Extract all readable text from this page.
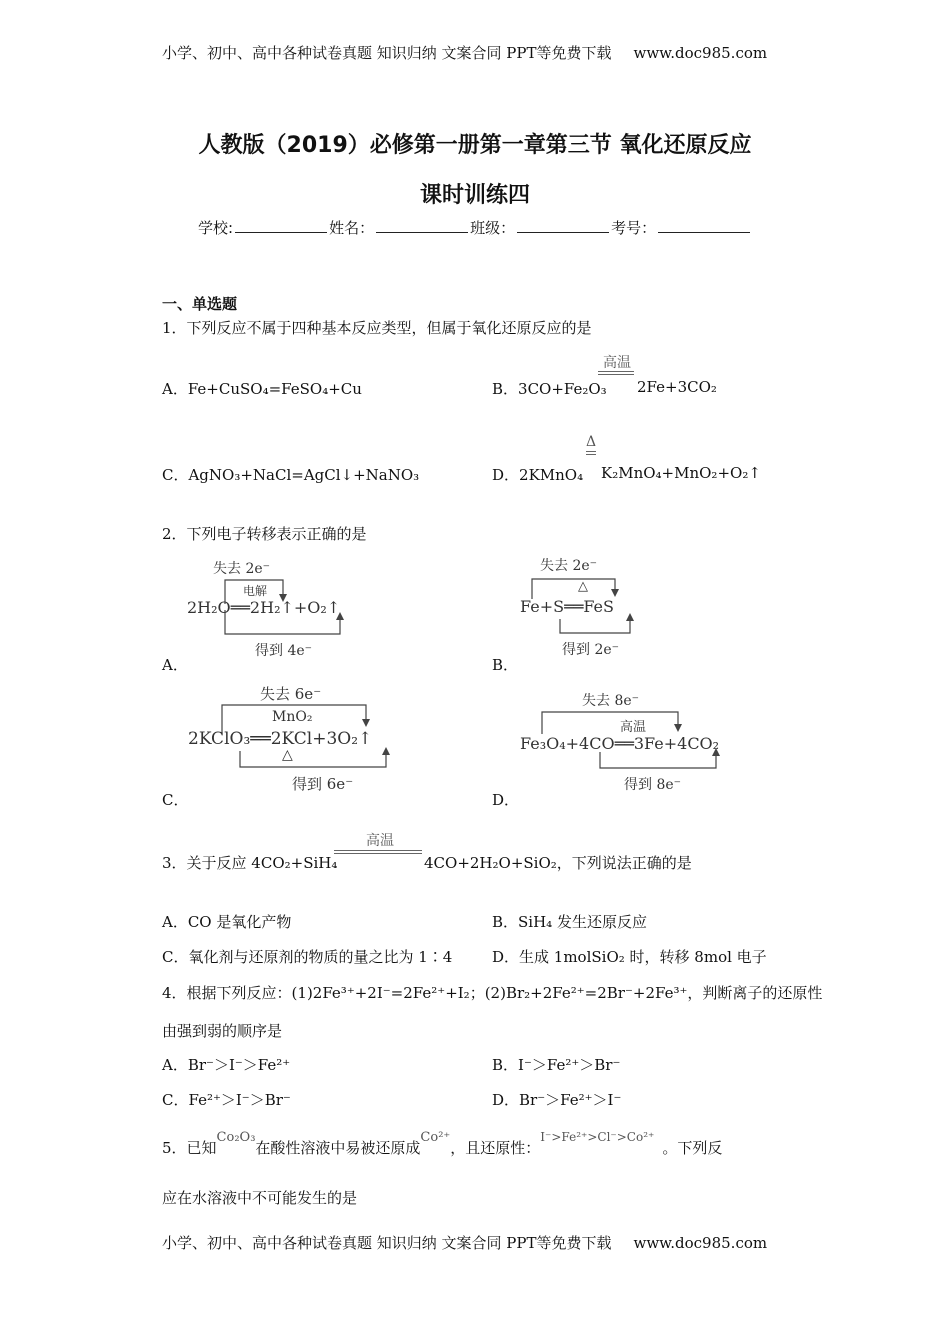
小学、初中、高中各种试卷真题 知识归纳 文案合同 PPT等免费下载 www.doc985.com
人教版（2019）必修第一册第一章第三节 氧化还原反应
课时训练四
学校:	姓名：	班级：	考号：
一、单选题
1．下列反应不属于四种基本反应类型，但属于氧化还原反应的是
A．Fe+CuSO₄=FeSO₄+Cu	B．3CO+Fe₂O₃
高温
2Fe+3CO₂
C．AgNO₃+NaCl=AgCl↓+NaNO₃	D．2KMnO₄
Δ
K₂MnO₄+MnO₂+O₂↑
2．下列电子转移表示正确的是
失去 2e⁻
电解
2H₂O══2H₂↑+O₂↑
得到 4e⁻
A．
失去 2e⁻
△
Fe+S══FeS
得到 2e⁻
B．
失去 6e⁻
MnO₂
2KClO₃══2KCl+3O₂↑
△
得到 6e⁻
C．
失去 8e⁻
高温
Fe₃O₄+4CO══3Fe+4CO₂
得到 8e⁻
D．
3．关于反应 4CO₂+SiH₄
高温
4CO+2H₂O+SiO₂，下列说法正确的是
A．CO 是氧化产物	B．SiH₄ 发生还原反应
C．氧化剂与还原剂的物质的量之比为 1∶4	D．生成 1molSiO₂ 时，转移 8mol 电子
4．根据下列反应：(1)2Fe³⁺+2I⁻=2Fe²⁺+I₂；(2)Br₂+2Fe²⁺=2Br⁻+2Fe³⁺，判断离子的还原性
由强到弱的顺序是
A．Br⁻＞I⁻＞Fe²⁺	B．I⁻＞Fe²⁺＞Br⁻
C．Fe²⁺＞I⁻＞Br⁻	D．Br⁻＞Fe²⁺＞I⁻
5．已知Co₂O₃在酸性溶液中易被还原成Co²⁺，且还原性：$^{I^->Fe^{2+}>Cl^->Co^{2+}}$。下列反
应在水溶液中不可能发生的是
小学、初中、高中各种试卷真题 知识归纳 文案合同 PPT等免费下载 www.doc985.com
